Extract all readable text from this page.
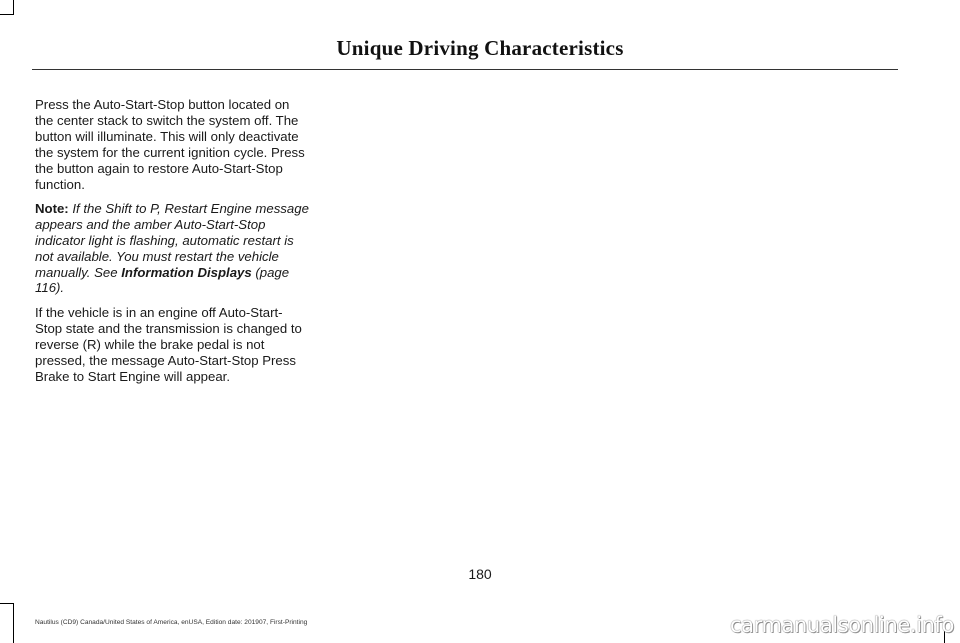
Unique Driving Characteristics

Press the Auto-Start-Stop button located on the center stack to switch the system off. The button will illuminate. This will only deactivate the system for the current ignition cycle. Press the button again to restore Auto-Start-Stop function.

Note: If the Shift to P, Restart Engine message appears and the amber Auto-Start-Stop indicator light is flashing, automatic restart is not available. You must restart the vehicle manually. See Information Displays (page 116).

If the vehicle is in an engine off Auto-Start-Stop state and the transmission is changed to reverse (R) while the brake pedal is not pressed, the message Auto-Start-Stop Press Brake to Start Engine will appear.

180
Nautilus (CD9) Canada/United States of America, enUSA, Edition date: 201907, First-Printing	carmanualsonline.info
